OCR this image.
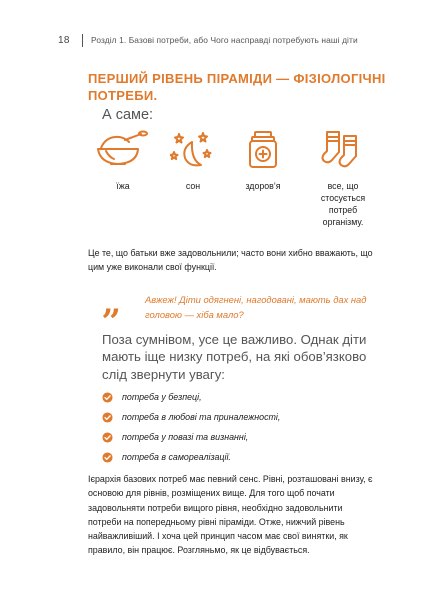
18	Розділ 1. Базові потреби, або Чого насправді потребують наші діти
ПЕРШИЙ РІВЕНЬ ПІРАМІДИ — ФІЗІОЛОГІЧНІ ПОТРЕБИ.
А саме:
їжа	сон	здоров’я	все, що стосується потреб організму.

Це те, що батьки вже задовольнили; часто вони хибно вважають, що цим уже виконали свої функції.

„	Авжеж! Діти одягнені, нагодовані, мають дах над головою — хіба мало?
Поза сумнівом, усе це важливо. Однак діти мають іще низку потреб, на які обов’язково слід звернути увагу:
потреба у безпеці,
потреба в любові та приналежності,
потреба у повазі та визнанні,
потреба в самореалізації.

Ієрархія базових потреб має певний сенс. Рівні, розташовані внизу, є основою для рівнів, розміщених вище. Для того щоб почати задовольняти потреби вищого рівня, необхідно задовольнити потреби на попередньому рівні піраміди. Отже, нижчий рівень найважливіший. І хоча цей принцип часом має свої винятки, як правило, він працює. Розгляньмо, як це відбувається.
